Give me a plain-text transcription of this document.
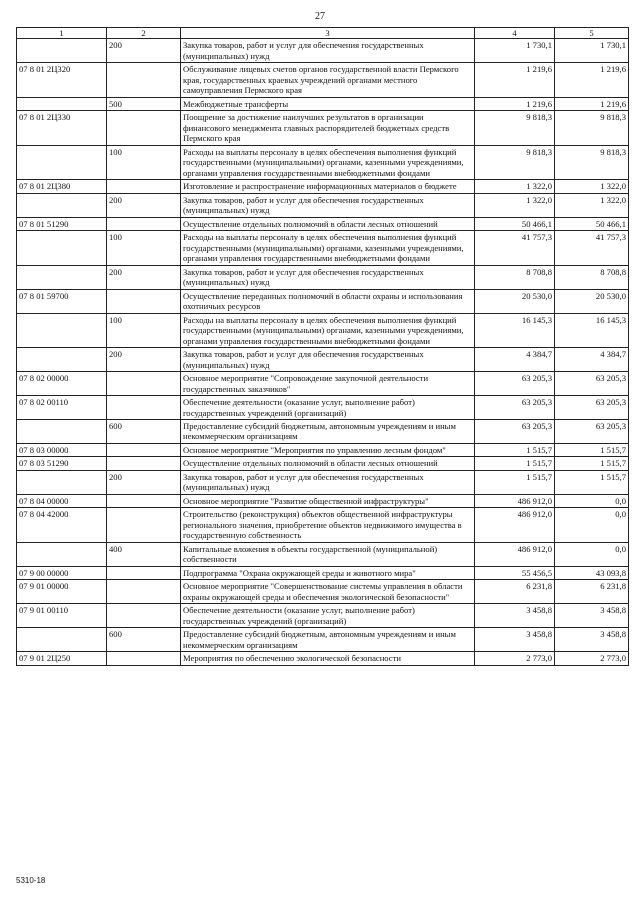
27
1	2	3	4	5
	200	Закупка товаров, работ и услуг для обеспечения государственных (муниципальных) нужд	1 730,1	1 730,1
07 8 01 2Ц320		Обслуживание лицевых счетов органов государственной власти Пермского края, государственных краевых учреждений органами местного самоуправления Пермского края	1 219,6	1 219,6
	500	Межбюджетные трансферты	1 219,6	1 219,6
07 8 01 2Ц330		Поощрение за достижение наилучших результатов в организации финансового менеджмента главных распорядителей бюджетных средств Пермского края	9 818,3	9 818,3
	100	Расходы на выплаты персоналу в целях обеспечения выполнения функций государственными (муниципальными) органами, казенными учреждениями, органами управления государственными внебюджетными фондами	9 818,3	9 818,3
07 8 01 2Ц380		Изготовление и распространение информационных материалов о бюджете	1 322,0	1 322,0
	200	Закупка товаров, работ и услуг для обеспечения государственных (муниципальных) нужд	1 322,0	1 322,0
07 8 01 51290		Осуществление отдельных полномочий в области лесных отношений	50 466,1	50 466,1
	100	Расходы на выплаты персоналу в целях обеспечения выполнения функций государственными (муниципальными) органами, казенными учреждениями, органами управления государственными внебюджетными фондами	41 757,3	41 757,3
	200	Закупка товаров, работ и услуг для обеспечения государственных (муниципальных) нужд	8 708,8	8 708,8
07 8 01 59700		Осуществление переданных полномочий в области охраны и использования охотничьих ресурсов	20 530,0	20 530,0
	100	Расходы на выплаты персоналу в целях обеспечения выполнения функций государственными (муниципальными) органами, казенными учреждениями, органами управления государственными внебюджетными фондами	16 145,3	16 145,3
	200	Закупка товаров, работ и услуг для обеспечения государственных (муниципальных) нужд	4 384,7	4 384,7
07 8 02 00000		Основное мероприятие "Сопровождение закупочной деятельности государственных заказчиков"	63 205,3	63 205,3
07 8 02 00110		Обеспечение деятельности (оказание услуг, выполнение работ) государственных учреждений (организаций)	63 205,3	63 205,3
	600	Предоставление субсидий бюджетным, автономным учреждениям и иным некоммерческим организациям	63 205,3	63 205,3
07 8 03 00000		Основное мероприятие "Мероприятия по управлению лесным фондом"	1 515,7	1 515,7
07 8 03 51290		Осуществление отдельных полномочий в области лесных отношений	1 515,7	1 515,7
	200	Закупка товаров, работ и услуг для обеспечения государственных (муниципальных) нужд	1 515,7	1 515,7
07 8 04 00000		Основное мероприятие "Развитие общественной инфраструктуры"	486 912,0	0,0
07 8 04 42000		Строительство (реконструкция) объектов общественной инфраструктуры регионального значения, приобретение объектов недвижимого имущества в государственную собственность	486 912,0	0,0
	400	Капитальные вложения в объекты государственной (муниципальной) собственности	486 912,0	0,0
07 9 00 00000		Подпрограмма "Охрана окружающей среды и животного мира"	55 456,5	43 093,8
07 9 01 00000		Основное мероприятие "Совершенствование системы управления в области охраны окружающей среды и обеспечения экологической безопасности"	6 231,8	6 231,8
07 9 01 00110		Обеспечение деятельности (оказание услуг, выполнение работ) государственных учреждений (организаций)	3 458,8	3 458,8
	600	Предоставление субсидий бюджетным, автономным учреждениям и иным некоммерческим организациям	3 458,8	3 458,8
07 9 01 2Ц250		Мероприятия по обеспечению экологической безопасности	2 773,0	2 773,0
5310-18
